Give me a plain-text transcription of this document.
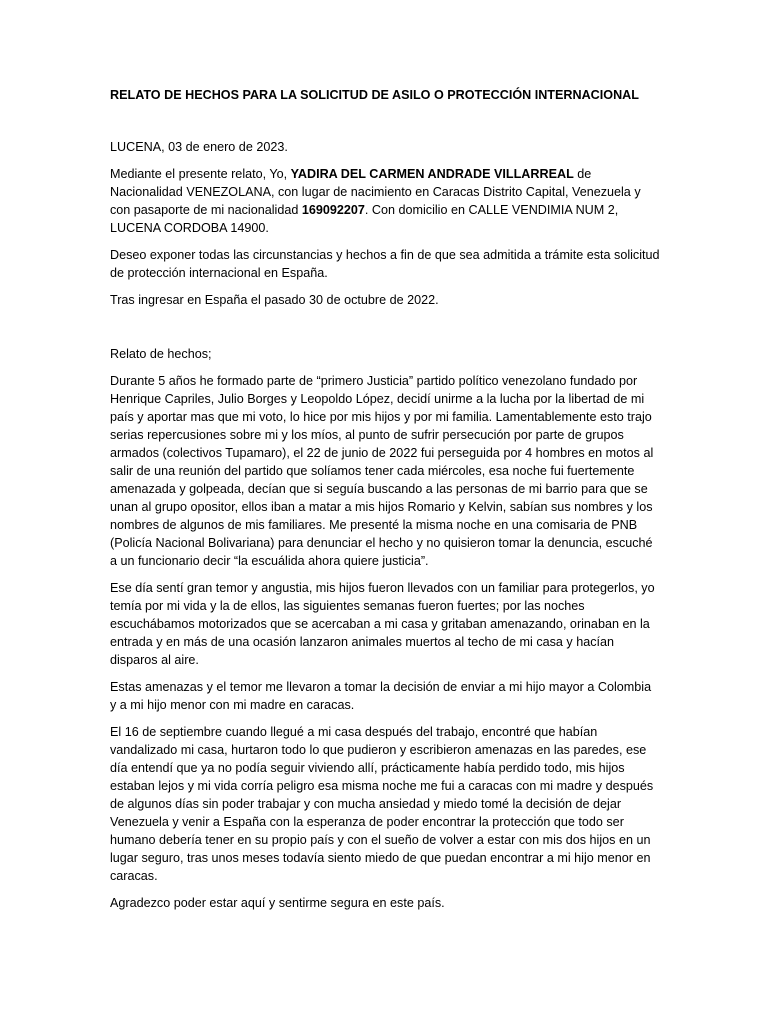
RELATO DE HECHOS PARA LA SOLICITUD DE ASILO O PROTECCIÓN INTERNACIONAL

LUCENA, 03 de enero de 2023.

Mediante el presente relato, Yo, YADIRA DEL CARMEN ANDRADE VILLARREAL de Nacionalidad VENEZOLANA, con lugar de nacimiento en Caracas Distrito Capital, Venezuela y con pasaporte de mi nacionalidad 169092207. Con domicilio en CALLE VENDIMIA NUM 2, LUCENA CORDOBA 14900.

Deseo exponer todas las circunstancias y hechos a fin de que sea admitida a trámite esta solicitud de protección internacional en España.

Tras ingresar en España el pasado 30 de octubre de 2022.

Relato de hechos;

Durante 5 años he formado parte de “primero Justicia” partido político venezolano fundado por Henrique Capriles, Julio Borges y Leopoldo López, decidí unirme a la lucha por la libertad de mi país y aportar mas que mi voto, lo hice por mis hijos y por mi familia. Lamentablemente esto trajo serias repercusiones sobre mi y los míos, al punto de sufrir persecución por parte de grupos armados (colectivos Tupamaro), el 22 de junio de 2022 fui perseguida por 4 hombres en motos al salir de una reunión del partido que solíamos tener cada miércoles, esa noche fui fuertemente amenazada y golpeada, decían que si seguía buscando a las personas de mi barrio para que se unan al grupo opositor, ellos iban a matar a mis hijos Romario y Kelvin, sabían sus nombres y los nombres de algunos de mis familiares. Me presenté la misma noche en una comisaria de PNB (Policía Nacional Bolivariana) para denunciar el hecho y no quisieron tomar la denuncia, escuché a un funcionario decir “la escuálida ahora quiere justicia”.

Ese día sentí gran temor y angustia, mis hijos fueron llevados con un familiar para protegerlos, yo temía por mi vida y la de ellos, las siguientes semanas fueron fuertes; por las noches escuchábamos motorizados que se acercaban a mi casa y gritaban amenazando, orinaban en la entrada y en más de una ocasión lanzaron animales muertos al techo de mi casa y hacían disparos al aire.

Estas amenazas y el temor me llevaron a tomar la decisión de enviar a mi hijo mayor a Colombia y a mi hijo menor con mi madre en caracas.

El 16 de septiembre cuando llegué a mi casa después del trabajo, encontré que habían vandalizado mi casa, hurtaron todo lo que pudieron y escribieron amenazas en las paredes, ese día entendí que ya no podía seguir viviendo allí, prácticamente había perdido todo, mis hijos estaban lejos y mi vida corría peligro esa misma noche me fui a caracas con mi madre y después de algunos días sin poder trabajar y con mucha ansiedad y miedo tomé la decisión de dejar Venezuela y venir a España con la esperanza de poder encontrar la protección que todo ser humano debería tener en su propio país y con el sueño de volver a estar con mis dos hijos en un lugar seguro, tras unos meses todavía siento miedo de que puedan encontrar a mi hijo menor en caracas.

Agradezco poder estar aquí y sentirme segura en este país.
